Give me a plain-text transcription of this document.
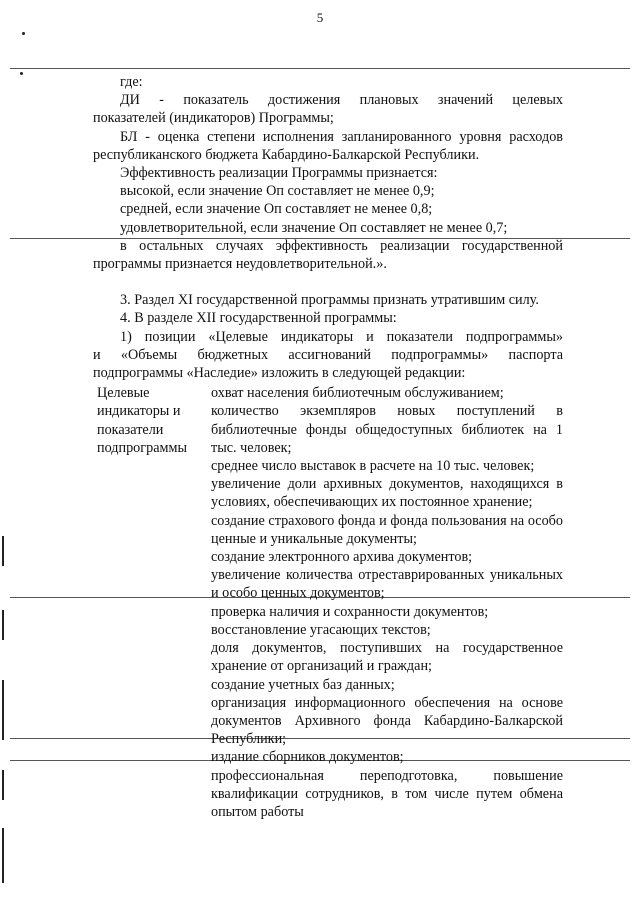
5

где:

ДИ - показатель достижения плановых значений целевых

показателей (индикаторов) Программы;

БЛ - оценка степени исполнения запланированного уровня расходов

республиканского бюджета Кабардино-Балкарской Республики.

Эффективность реализации Программы признается:

высокой, если значение Оп составляет не менее 0,9;

средней, если значение Оп составляет не менее 0,8;

удовлетворительной, если значение Оп составляет не менее 0,7;

в остальных случаях эффективность реализации государственной

программы признается неудовлетворительной.».

3. Раздел XI государственной программы признать утратившим силу.

4. В разделе XII государственной программы:

1) позиции «Целевые индикаторы и показатели подпрограммы»

и «Объемы бюджетных ассигнований подпрограммы» паспорта

подпрограммы «Наследие» изложить в следующей редакции:

Целевые
индикаторы и
показатели
подпрограммы

охват населения библиотечным обслуживанием;

количество экземпляров новых поступлений в библиотечные фонды общедоступных библиотек на 1 тыс. человек;

среднее число выставок в расчете на 10 тыс. человек;

увеличение доли архивных документов, находящихся в условиях, обеспечивающих их постоянное хранение;

создание страхового фонда и фонда пользования на особо ценные и уникальные документы;

создание электронного архива документов;

увеличение количества отреставрированных уникальных и особо ценных документов;

проверка наличия и сохранности документов;

восстановление угасающих текстов;

доля документов, поступивших на государственное хранение от организаций и граждан;

создание учетных баз данных;

организация информационного обеспечения на основе документов Архивного фонда Кабардино-Балкарской Республики;

издание сборников документов;

профессиональная переподготовка, повышение квалификации сотрудников, в том числе путем обмена опытом работы
